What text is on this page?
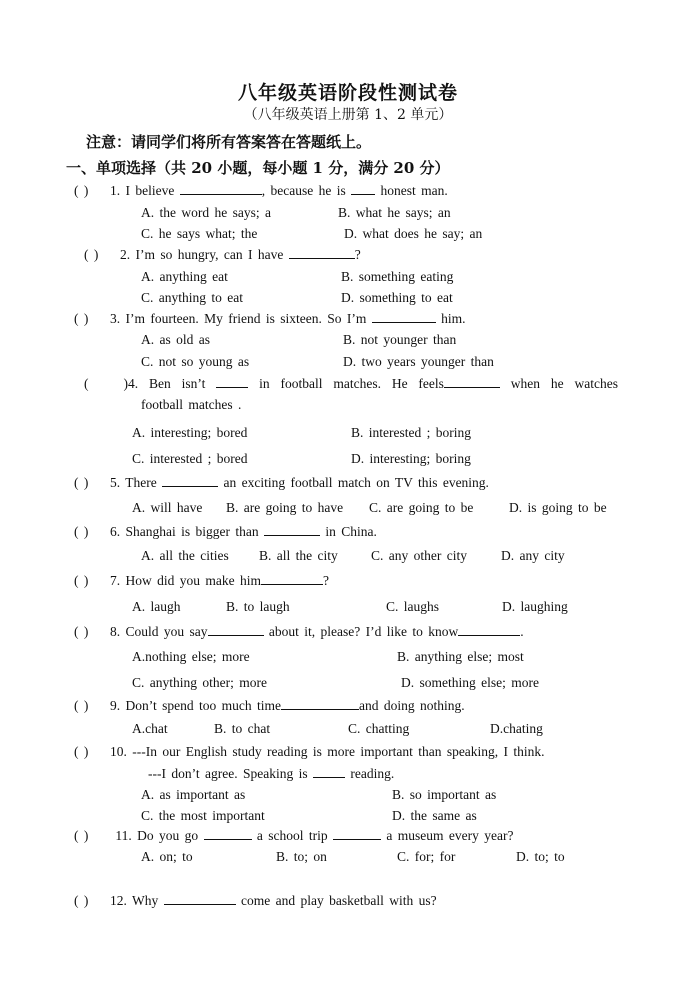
八年级英语阶段性测试卷
（八年级英语上册第 1、2 单元）
注意：请同学们将所有答案答在答题纸上。
一、单项选择（共 20 小题，每小题 1 分，满分 20 分）
( ) 1. I believe	, because he is  honest man.
A. the word he says; a	B. what he says; an
C. he says what; the	D. what does he say; an
( ) 2. I’m so hungry, can I have	?
A. anything eat	B. something eating
C. anything to eat	D. something to eat
( ) 3. I’m fourteen. My friend is sixteen. So I’m	him.
A. as old as	B. not younger than
C. not so young as	D. two years younger than
( )4. Ben isn’t  in football matches. He feels	when he watches
football matches .
A. interesting; bored	B. interested ; boring
C. interested ; bored	D. interesting; boring
( ) 5. There	an exciting football match on TV this evening.
A. will have B. are going to have C. are going to be	D. is going to be
( ) 6. Shanghai is bigger than	in China.
A. all the cities B. all the city C. any other city	D. any city
( ) 7. How did you make him	?
A. laugh	B. to laugh	C. laughs	D. laughing
( ) 8. Could you say	about it, please? I’d like to know	.
A.nothing else; more	B. anything else; most
C. anything other; more	D. something else; more
( ) 9. Don’t spend too much time	and doing nothing.
A.chat	B. to chat	C. chatting	D.chating
( ) 10. ---In our English study reading is more important than speaking, I think.
---I don’t agree. Speaking is  reading.
A. as important as	B. so important as
C. the most important	D. the same as
( ) 11. Do you go	a school trip	a museum every year?
A. on; to	B. to; on	C. for; for	D. to; to
( ) 12. Why	come and play basketball with us?
